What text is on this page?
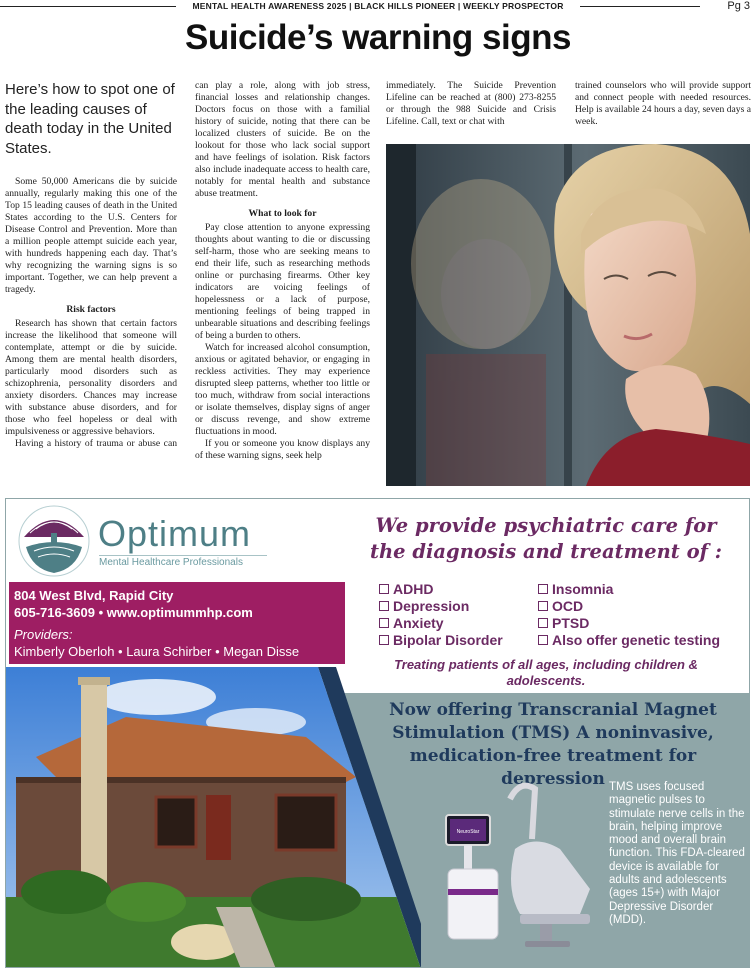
MENTAL HEALTH AWARENESS 2025 | BLACK HILLS PIONEER | WEEKLY PROSPECTOR	Pg 3
Suicide’s warning signs
Here’s how to spot one of the leading causes of death today in the United States.

Some 50,000 Americans die by suicide annually, regularly making this one of the Top 15 leading causes of death in the United States according to the U.S. Centers for Disease Control and Prevention. More than a million people attempt suicide each year, with hundreds happening each day. That’s why recognizing the warning signs is so important. Together, we can help prevent a tragedy.

Risk factors

Research has shown that certain factors increase the likelihood that someone will contemplate, attempt or die by suicide. Among them are mental health disorders, particularly mood disorders such as schizophrenia, personality disorders and anxiety disorders. Chances may increase with substance abuse disorders, and for those who feel hopeless or deal with impulsiveness or aggressive behaviors.

Having a history of trauma or abuse can

can play a role, along with job stress, financial losses and relationship changes. Doctors focus on those with a familial history of suicide, noting that there can be localized clusters of suicide. Be on the lookout for those who lack social support and have feelings of isolation. Risk factors also include inadequate access to health care, notably for mental health and substance abuse treatment.

What to look for

Pay close attention to anyone expressing thoughts about wanting to die or discussing self-harm, those who are seeking means to end their life, such as researching methods online or purchasing firearms. Other key indicators are voicing feelings of hopelessness or a lack of purpose, mentioning feelings of being trapped in unbearable situations and describing feelings of being a burden to others.

Watch for increased alcohol consumption, anxious or agitated behavior, or engaging in reckless activities. They may experience disrupted sleep patterns, whether too little or too much, withdraw from social interactions or isolate themselves, display signs of anger or discuss revenge, and show extreme fluctuations in mood.

If you or someone you know displays any of these warning signs, seek help

immediately. The Suicide Prevention Lifeline can be reached at (800) 273-8255 or through the 988 Suicide and Crisis Lifeline. Call, text or chat with

trained counselors who will provide support and connect people with needed resources. Help is available 24 hours a day, seven days a week.

Optimum
Mental Healthcare Professionals
804 West Blvd, Rapid City
605-716-3609 • www.optimummhp.com
Providers:
Kimberly Oberloh • Laura Schirber • Megan Disse
We provide psychiatric care for the diagnosis and treatment of :
ADHD
Depression
Anxiety
Bipolar Disorder
Insomnia
OCD
PTSD
Also offer genetic testing
Treating patients of all ages, including children & adolescents.
Now offering Transcranial Magnet Stimulation (TMS) A noninvasive, medication-free treatment for depression
NeuroStar
TMS uses focused magnetic pulses to stimulate nerve cells in the brain, helping improve mood and overall brain function. This FDA-cleared device is available for adults and adolescents (ages 15+) with Major Depressive Disorder (MDD).
